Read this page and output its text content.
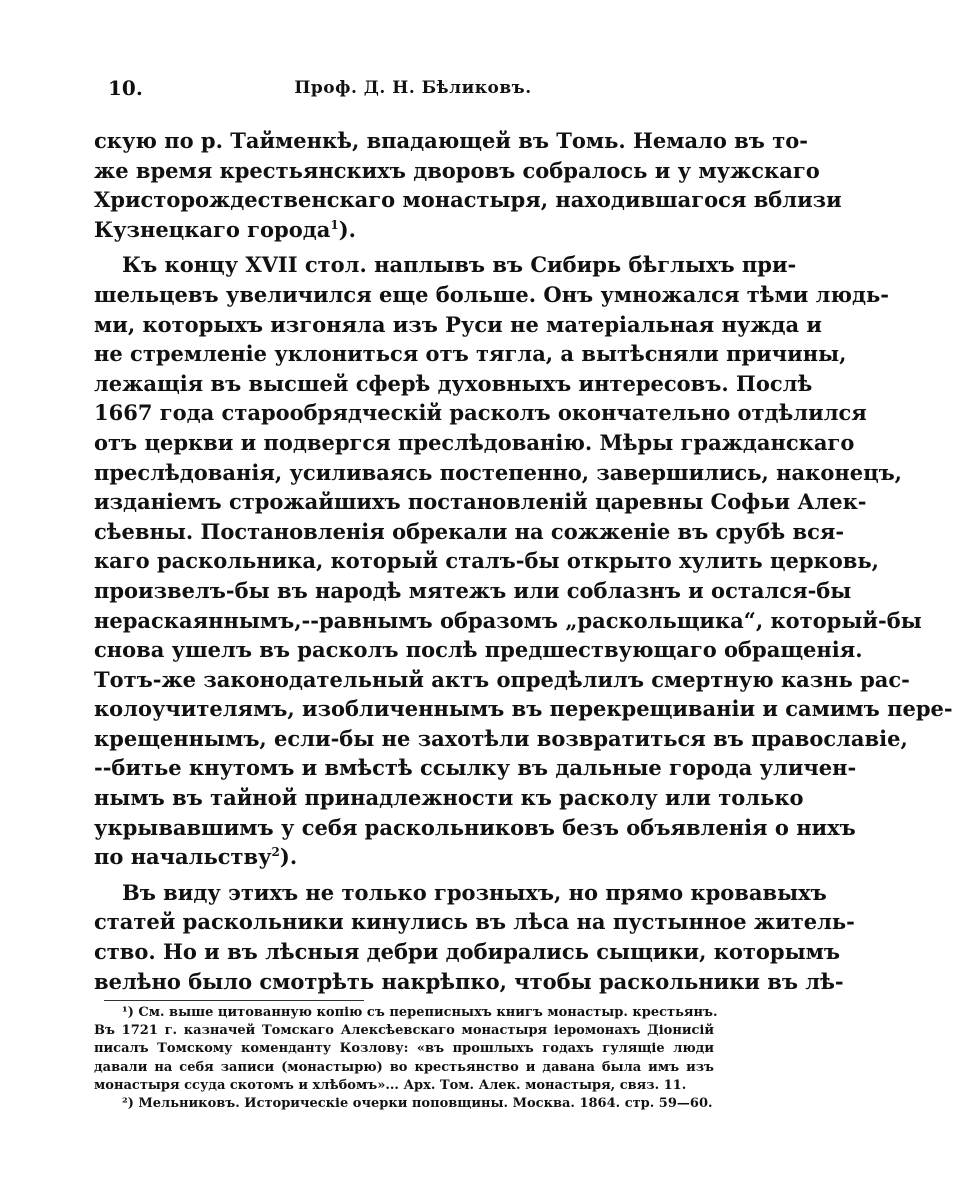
10.	Проф. Д. Н. Бѣликовъ.

скую по р. Тайменкѣ, впадающей въ Томь. Немало въ то-
же время крестьянскихъ дворовъ собралось и у мужскаго
Христорождественскаго монастыря, находившагося вблизи
Кузнецкаго города$^1$).

Къ концу XVII стол. наплывъ въ Сибирь бѣглыхъ при-
шельцевъ увеличился еще больше. Онъ умножался тѣми людь-
ми, которыхъ изгоняла изъ Руси не матеріальная нужда и
не стремленіе уклониться отъ тягла, а вытѣсняли причины,
лежащія въ высшей сферѣ духовныхъ интересовъ. Послѣ
1667 года старообрядческій расколъ окончательно отдѣлился
отъ церкви и подвергся преслѣдованію. Мѣры гражданскаго
преслѣдованія, усиливаясь постепенно, завершились, наконецъ,
изданіемъ строжайшихъ постановленій царевны Софьи Алек-
сѣевны. Постановленія обрекали на сожженіе въ срубѣ вся-
каго раскольника, который сталъ-бы открыто хулить церковь,
произвелъ-бы въ народѣ мятежъ или соблазнъ и остался-бы
нераскаяннымъ,--равнымъ образомъ „раскольщика“, который-бы
снова ушелъ въ расколъ послѣ предшествующаго обращенія.
Тотъ-же законодательный актъ опредѣлилъ смертную казнь рас-
колоучителямъ, изобличеннымъ въ перекрещиваніи и самимъ пере-
крещеннымъ, если-бы не захотѣли возвратиться въ православіе,
--битье кнутомъ и вмѣстѣ ссылку въ дальные города уличен-
нымъ въ тайной принадлежности къ расколу или только
укрывавшимъ у себя раскольниковъ безъ объявленія о нихъ
по начальству$^2$).

Въ виду этихъ не только грозныхъ, но прямо кровавыхъ
статей раскольники кинулись въ лѣса на пустынное житель-
ство. Но и въ лѣсныя дебри добирались сыщики, которымъ
велѣно было смотрѣть накрѣпко, чтобы раскольники въ лѣ-

¹) См. выше цитованную копію съ переписныхъ книгъ монастыр. крестьянъ.
Въ 1721 г. казначей Томскаго Алексѣевскаго монастыря іеромонахъ Діонисій
писалъ Томскому коменданту Козлову: «въ прошлыхъ годахъ гулящіе люди
давали на себя записи (монастырю) во крестьянство и давана была имъ изъ
монастыря ссуда скотомъ и хлѣбомъ»... Арх. Том. Алек. монастыря, связ. 11.
²) Мельниковъ. Историческіе очерки поповщины. Москва. 1864. стр. 59—60.
